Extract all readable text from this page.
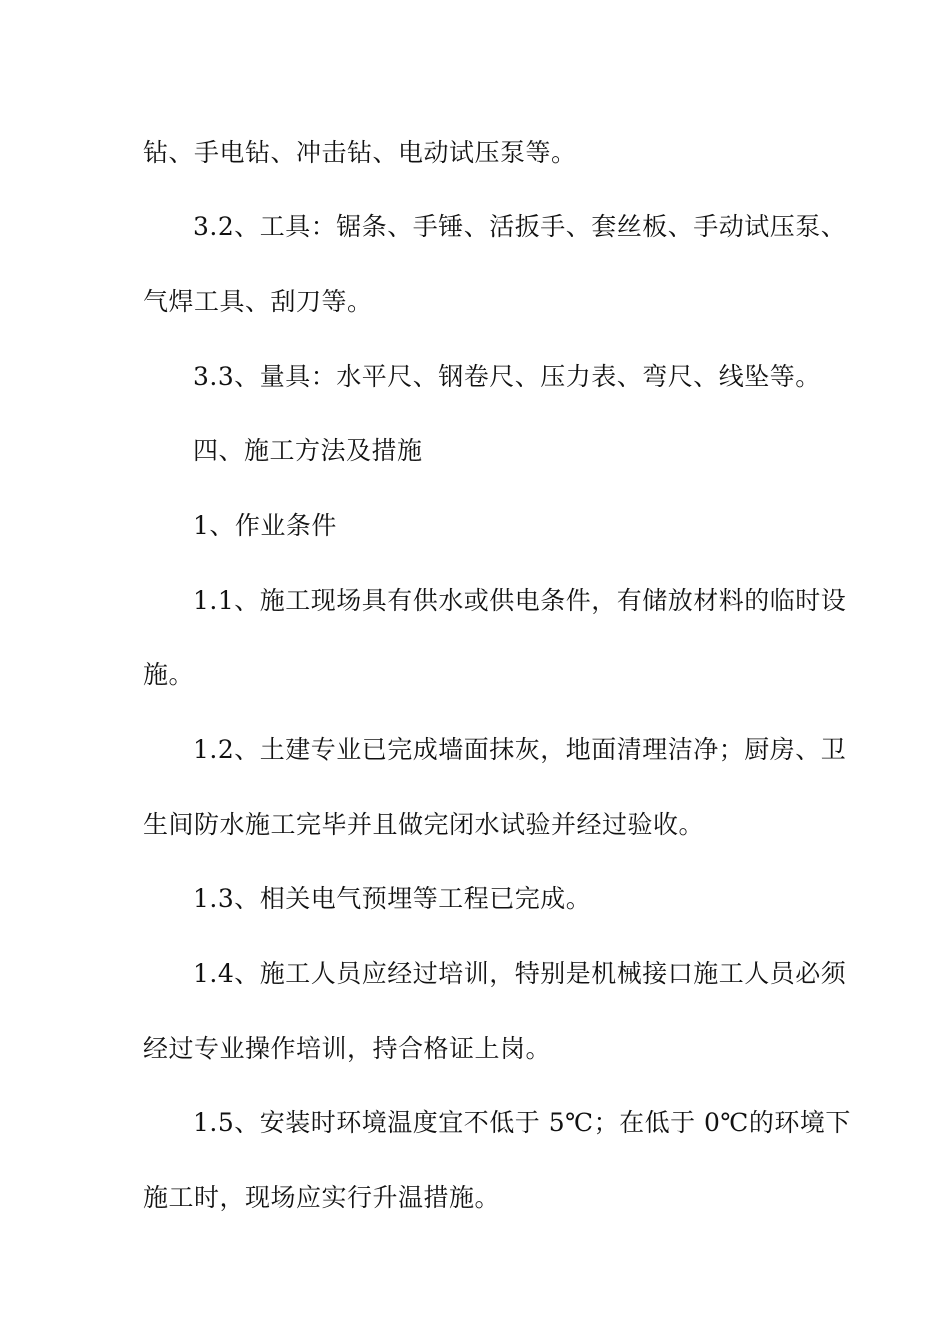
钻、手电钻、冲击钻、电动试压泵等。
3.2、工具：锯条、手锤、活扳手、套丝板、手动试压泵、
气焊工具、刮刀等。
3.3、量具：水平尺、钢卷尺、压力表、弯尺、线坠等。
四、施工方法及措施
1、作业条件
1.1、施工现场具有供水或供电条件，有储放材料的临时设
施。
1.2、土建专业已完成墙面抹灰，地面清理洁净；厨房、卫
生间防水施工完毕并且做完闭水试验并经过验收。
1.3、相关电气预埋等工程已完成。
1.4、施工人员应经过培训，特别是机械接口施工人员必须
经过专业操作培训，持合格证上岗。
1.5、安装时环境温度宜不低于 5℃；在低于 0℃的环境下
施工时，现场应实行升温措施。
